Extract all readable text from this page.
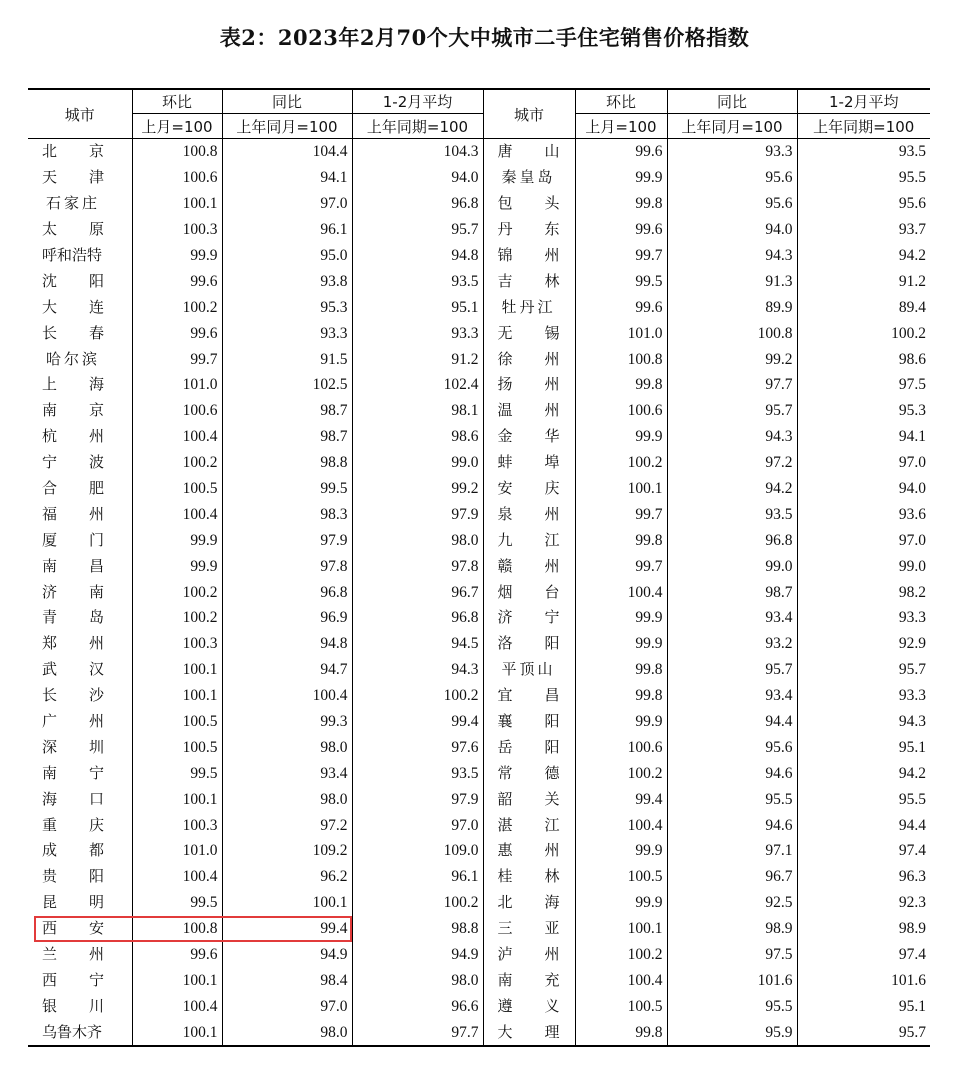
表2：2023年2月70个大中城市二手住宅销售价格指数
城市	环比	同比	1-2月平均	城市	环比	同比	1-2月平均
	上月=100	上年同月=100	上年同期=100		上月=100	上年同月=100	上年同期=100

北 京	100.8	104.4	104.3	唐 山	99.6	93.3	93.5

天 津	100.6	94.1	94.0	秦皇岛	99.9	95.6	95.5

石家庄	100.1	97.0	96.8	包 头	99.8	95.6	95.6

太 原	100.3	96.1	95.7	丹 东	99.6	94.0	93.7

呼和浩特	99.9	95.0	94.8	锦 州	99.7	94.3	94.2

沈 阳	99.6	93.8	93.5	吉 林	99.5	91.3	91.2

大 连	100.2	95.3	95.1	牡丹江	99.6	89.9	89.4

长 春	99.6	93.3	93.3	无 锡	101.0	100.8	100.2

哈尔滨	99.7	91.5	91.2	徐 州	100.8	99.2	98.6

上 海	101.0	102.5	102.4	扬 州	99.8	97.7	97.5

南 京	100.6	98.7	98.1	温 州	100.6	95.7	95.3

杭 州	100.4	98.7	98.6	金 华	99.9	94.3	94.1

宁 波	100.2	98.8	99.0	蚌 埠	100.2	97.2	97.0

合 肥	100.5	99.5	99.2	安 庆	100.1	94.2	94.0

福 州	100.4	98.3	97.9	泉 州	99.7	93.5	93.6

厦 门	99.9	97.9	98.0	九 江	99.8	96.8	97.0

南 昌	99.9	97.8	97.8	赣 州	99.7	99.0	99.0

济 南	100.2	96.8	96.7	烟 台	100.4	98.7	98.2

青 岛	100.2	96.9	96.8	济 宁	99.9	93.4	93.3

郑 州	100.3	94.8	94.5	洛 阳	99.9	93.2	92.9

武 汉	100.1	94.7	94.3	平顶山	99.8	95.7	95.7

长 沙	100.1	100.4	100.2	宜 昌	99.8	93.4	93.3

广 州	100.5	99.3	99.4	襄 阳	99.9	94.4	94.3

深 圳	100.5	98.0	97.6	岳 阳	100.6	95.6	95.1

南 宁	99.5	93.4	93.5	常 德	100.2	94.6	94.2

海 口	100.1	98.0	97.9	韶 关	99.4	95.5	95.5

重 庆	100.3	97.2	97.0	湛 江	100.4	94.6	94.4

成 都	101.0	109.2	109.0	惠 州	99.9	97.1	97.4

贵 阳	100.4	96.2	96.1	桂 林	100.5	96.7	96.3

昆 明	99.5	100.1	100.2	北 海	99.9	92.5	92.3

西 安	100.8	99.4	98.8	三 亚	100.1	98.9	98.9

兰 州	99.6	94.9	94.9	泸 州	100.2	97.5	97.4

西 宁	100.1	98.4	98.0	南 充	100.4	101.6	101.6

银 川	100.4	97.0	96.6	遵 义	100.5	95.5	95.1

乌鲁木齐	100.1	98.0	97.7	大 理	99.8	95.9	95.7
